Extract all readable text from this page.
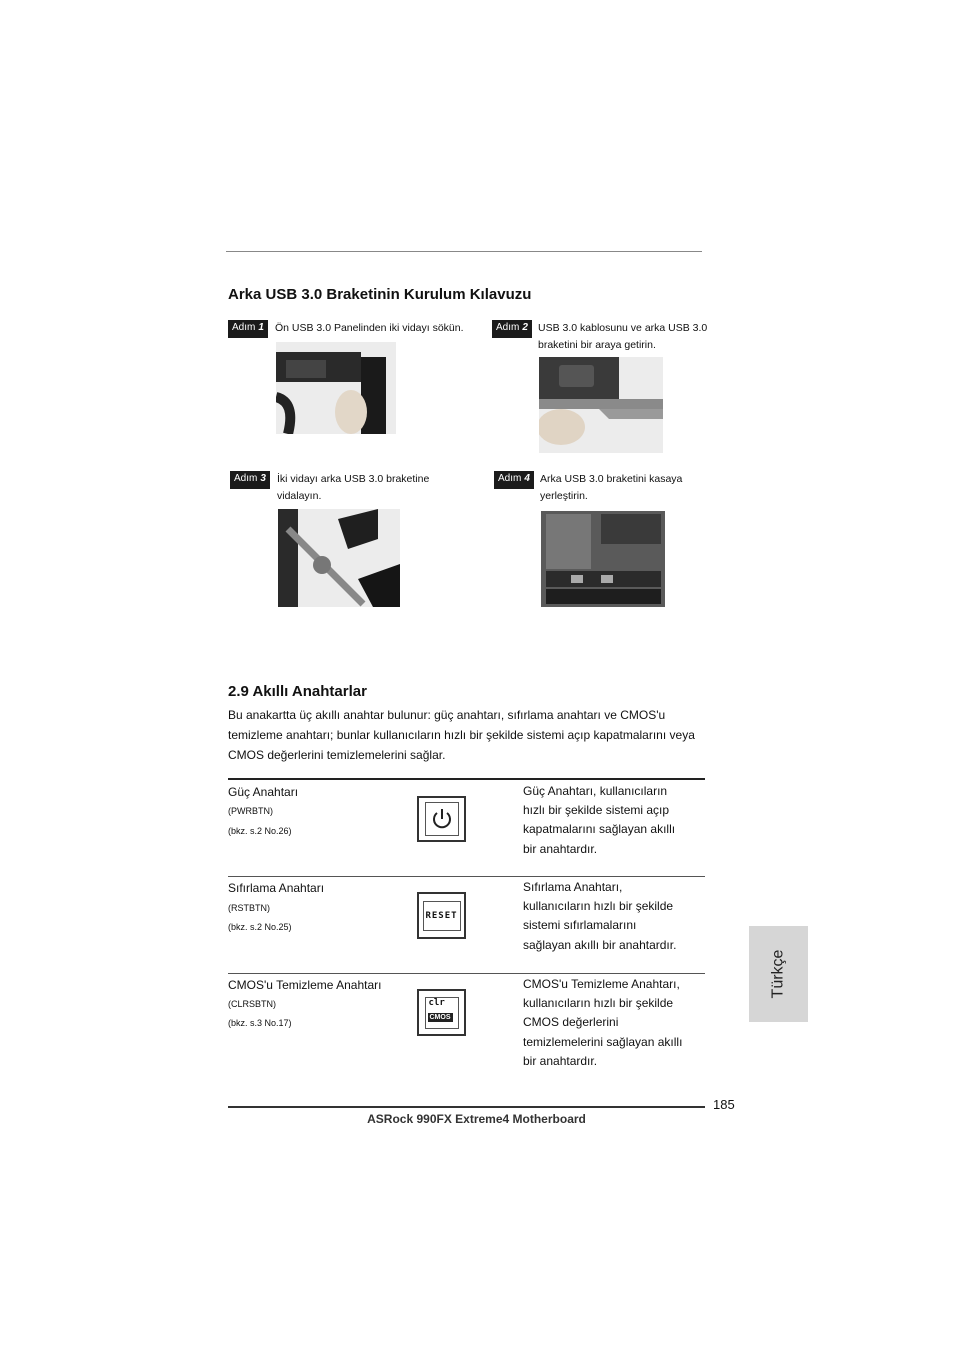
Arka USB 3.0 Braketinin Kurulum Kılavuzu
Adım 1	Ön USB 3.0 Panelinden iki vidayı sökün.	Adım 2 USB 3.0 kablosunu ve arka USB 3.0
braketini bir araya getirin.
Adım 3	İki vidayı arka USB 3.0 braketine
vidalayın.
Adım 4 Arka USB 3.0 braketini kasaya
yerleştirin.
2.9 Akıllı Anahtarlar
Bu anakartta üç akıllı anahtar bulunur: güç anahtarı, sıfırlama anahtarı ve CMOS'u temizleme anahtarı; bunlar kullanıcıların hızlı bir şekilde sistemi açıp kapatmalarını veya CMOS değerlerini temizlemelerini sağlar.
Güç Anahtarı
(PWRBTN)
(bkz. s.2 No.26)
Güç Anahtarı, kullanıcıların
hızlı bir şekilde sistemi açıp
kapatmalarını sağlayan akıllı
bir anahtardır.
Sıfırlama Anahtarı
(RSTBTN)
(bkz. s.2 No.25)
RESET
Sıfırlama Anahtarı,
kullanıcıların hızlı bir şekilde
sistemi sıfırlamalarını
sağlayan akıllı bir anahtardır.
CMOS'u Temizleme Anahtarı
(CLRSBTN)
(bkz. s.3 No.17)
clr
CMOS
CMOS'u Temizleme Anahtarı,
kullanıcıların hızlı bir şekilde
CMOS değerlerini
temizlemelerini sağlayan akıllı
bir anahtardır.
Türkçe
185
ASRock 990FX Extreme4 Motherboard
